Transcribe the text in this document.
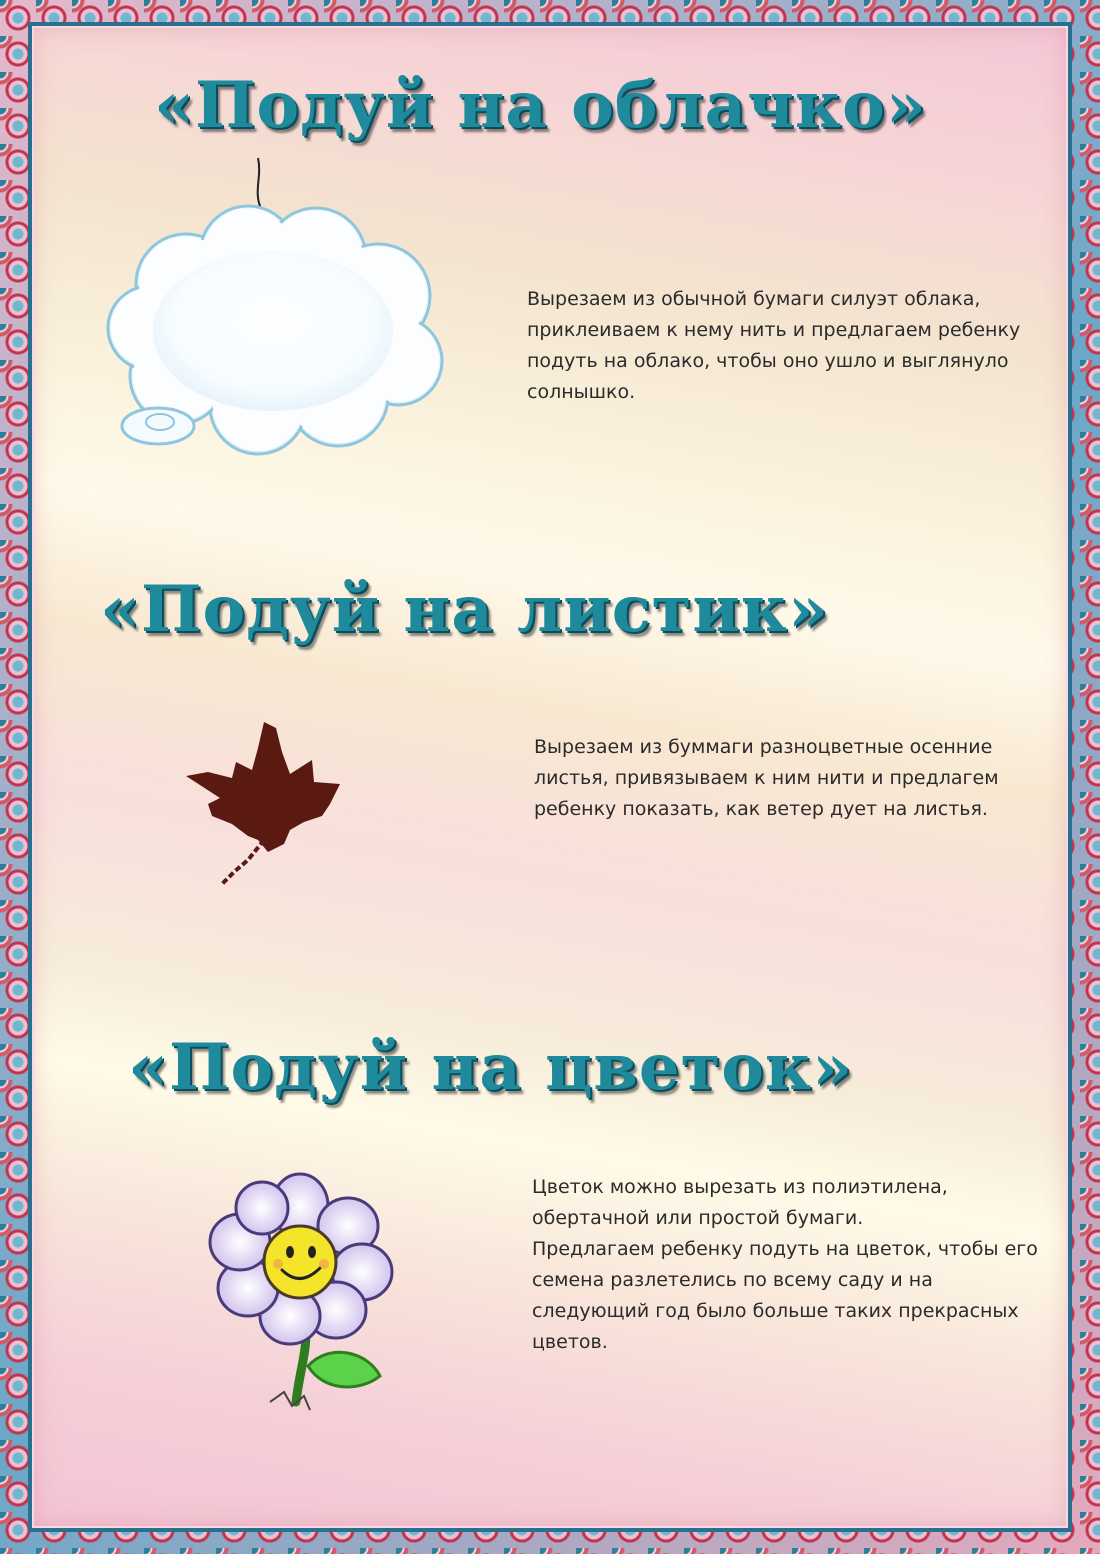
«Подуй на облачко»

Вырезаем из обычной бумаги силуэт облака,
приклеиваем к нему нить и предлагаем ребенку
подуть на облако, чтобы оно ушло и выглянуло
солнышко.

«Подуй на листик»

Вырезаем из буммаги разноцветные осенние
листья, привязываем к ним нити и предлагем
ребенку показать, как ветер дует на листья.

«Подуй на цветок»

Цветок можно вырезать из полиэтилена,
обертачной или простой бумаги.
Предлагаем ребенку подуть на цветок, чтобы его
семена разлетелись по всему саду и на
следующий год было больше таких прекрасных
цветов.
